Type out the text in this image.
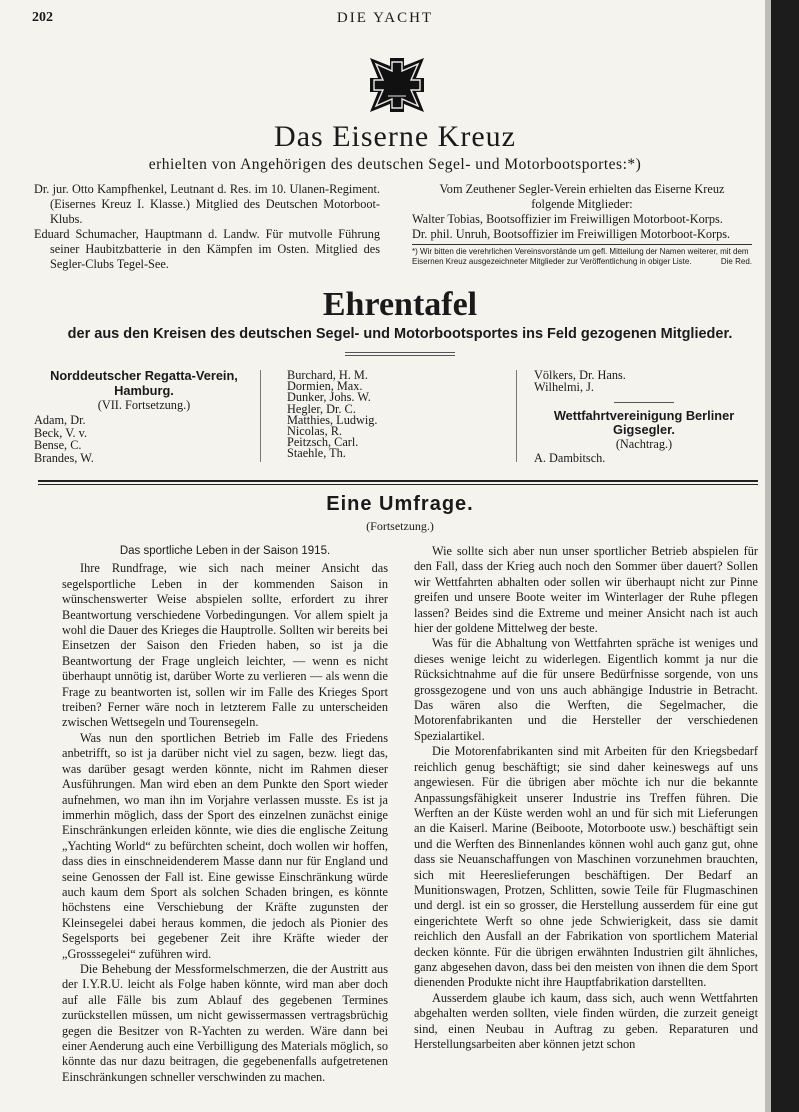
202	DIE YACHT
Das Eiserne Kreuz
erhielten von Angehörigen des deutschen Segel- und Motorbootsportes:*)

Dr. jur. Otto Kampfhenkel, Leutnant d. Res. im 10. Ulanen-Regiment. (Eisernes Kreuz I. Klasse.) Mitglied des Deutschen Motorboot-Klubs.

Eduard Schumacher, Hauptmann d. Landw. Für mutvolle Führung seiner Haubitzbatterie in den Kämpfen im Osten. Mitglied des Segler-Clubs Tegel-See.

Vom Zeuthener Segler-Verein erhielten das Eiserne Kreuz folgende Mitglieder:

Walter Tobias, Bootsoffizier im Freiwilligen Motorboot-Korps.

Dr. phil. Unruh, Bootsoffizier im Freiwilligen Motorboot-Korps.

*) Wir bitten die verehrlichen Vereinsvorstände um gefl. Mitteilung der Namen weiterer, mit dem Eisernen Kreuz ausgezeichneter Mitglieder zur Veröffentlichung in obiger Liste.	Die Red.
Ehrentafel
der aus den Kreisen des deutschen Segel- und Motorbootsportes ins Feld gezogenen Mitglieder.
Norddeutscher Regatta-Verein, Hamburg.
(VII. Fortsetzung.)
Adam, Dr.
Beck, V. v.
Bense, C.
Brandes, W.
Burchard, H. M.
Dormien, Max.
Dunker, Johs. W.
Hegler, Dr. C.
Matthies, Ludwig.
Nicolas, R.
Peitzsch, Carl.
Staehle, Th.
Völkers, Dr. Hans.
Wilhelmi, J.
Wettfahrtvereinigung Berliner Gigsegler.
(Nachtrag.)
A. Dambitsch.
Eine Umfrage.
(Fortsetzung.)

Das sportliche Leben in der Saison 1915.

Ihre Rundfrage, wie sich nach meiner Ansicht das segelsportliche Leben in der kommenden Saison in wünschenswerter Weise abspielen sollte, erfordert zu ihrer Beantwortung verschiedene Vorbedingungen. Vor allem spielt ja wohl die Dauer des Krieges die Hauptrolle. Sollten wir bereits bei Einsetzen der Saison den Frieden haben, so ist ja die Beantwortung der Frage ungleich leichter, — wenn es nicht überhaupt unnötig ist, darüber Worte zu verlieren — als wenn die Frage zu beantworten ist, sollen wir im Falle des Krieges Sport treiben? Ferner wäre noch in letzterem Falle zu unterscheiden zwischen Wettsegeln und Tourensegeln.

Was nun den sportlichen Betrieb im Falle des Friedens anbetrifft, so ist ja darüber nicht viel zu sagen, bezw. liegt das, was darüber gesagt werden könnte, nicht im Rahmen dieser Ausführungen. Man wird eben an dem Punkte den Sport wieder aufnehmen, wo man ihn im Vorjahre verlassen musste. Es ist ja immerhin möglich, dass der Sport des einzelnen zunächst einige Einschränkungen erleiden könnte, wie dies die englische Zeitung „Yachting World“ zu befürchten scheint, doch wollen wir hoffen, dass dies in einschneidenderem Masse dann nur für England und seine Genossen der Fall ist. Eine gewisse Einschränkung würde auch kaum dem Sport als solchen Schaden bringen, es könnte höchstens eine Verschiebung der Kräfte zugunsten der Kleinsegelei dabei heraus kommen, die jedoch als Pionier des Segelsports bei gegebener Zeit ihre Kräfte wieder der „Grosssegelei“ zuführen wird.

Die Behebung der Messformelschmerzen, die der Austritt aus der I.Y.R.U. leicht als Folge haben könnte, wird man aber doch auf alle Fälle bis zum Ablauf des gegebenen Termines zurückstellen müssen, um nicht gewissermassen vertragsbrüchig gegen die Besitzer von R-Yachten zu werden. Wäre dann bei einer Aenderung auch eine Verbilligung des Materials möglich, so könnte das nur dazu beitragen, die gegebenenfalls aufgetretenen Einschränkungen schneller verschwinden zu machen.

Wie sollte sich aber nun unser sportlicher Betrieb abspielen für den Fall, dass der Krieg auch noch den Sommer über dauert? Sollen wir Wettfahrten abhalten oder sollen wir überhaupt nicht zur Pinne greifen und unsere Boote weiter im Winterlager der Ruhe pflegen lassen? Beides sind die Extreme und meiner Ansicht nach ist auch hier der goldene Mittelweg der beste.

Was für die Abhaltung von Wettfahrten spräche ist weniges und dieses wenige leicht zu widerlegen. Eigentlich kommt ja nur die Rücksichtnahme auf die für unsere Bedürfnisse sorgende, von uns grossgezogene und von uns auch abhängige Industrie in Betracht. Das wären also die Werften, die Segelmacher, die Motorenfabrikanten und die Hersteller der verschiedenen Spezialartikel.

Die Motorenfabrikanten sind mit Arbeiten für den Kriegsbedarf reichlich genug beschäftigt; sie sind daher keineswegs auf uns angewiesen. Für die übrigen aber möchte ich nur die bekannte Anpassungsfähigkeit unserer Industrie ins Treffen führen. Die Werften an der Küste werden wohl an und für sich mit Lieferungen an die Kaiserl. Marine (Beiboote, Motorboote usw.) beschäftigt sein und die Werften des Binnenlandes können wohl auch ganz gut, ohne dass sie Neuanschaffungen von Maschinen vorzunehmen brauchten, sich mit Heereslieferungen beschäftigen. Der Bedarf an Munitionswagen, Protzen, Schlitten, sowie Teile für Flugmaschinen und dergl. ist ein so grosser, die Herstellung ausserdem für eine gut eingerichtete Werft so ohne jede Schwierigkeit, dass sie damit reichlich den Ausfall an der Fabrikation von sportlichem Material decken könnte. Für die übrigen erwähnten Industrien gilt ähnliches, ganz abgesehen davon, dass bei den meisten von ihnen die dem Sport dienenden Produkte nicht ihre Hauptfabrikation darstellten.

Ausserdem glaube ich kaum, dass sich, auch wenn Wettfahrten abgehalten werden sollten, viele finden würden, die zurzeit geneigt sind, einen Neubau in Auftrag zu geben. Reparaturen und Herstellungsarbeiten aber können jetzt schon
